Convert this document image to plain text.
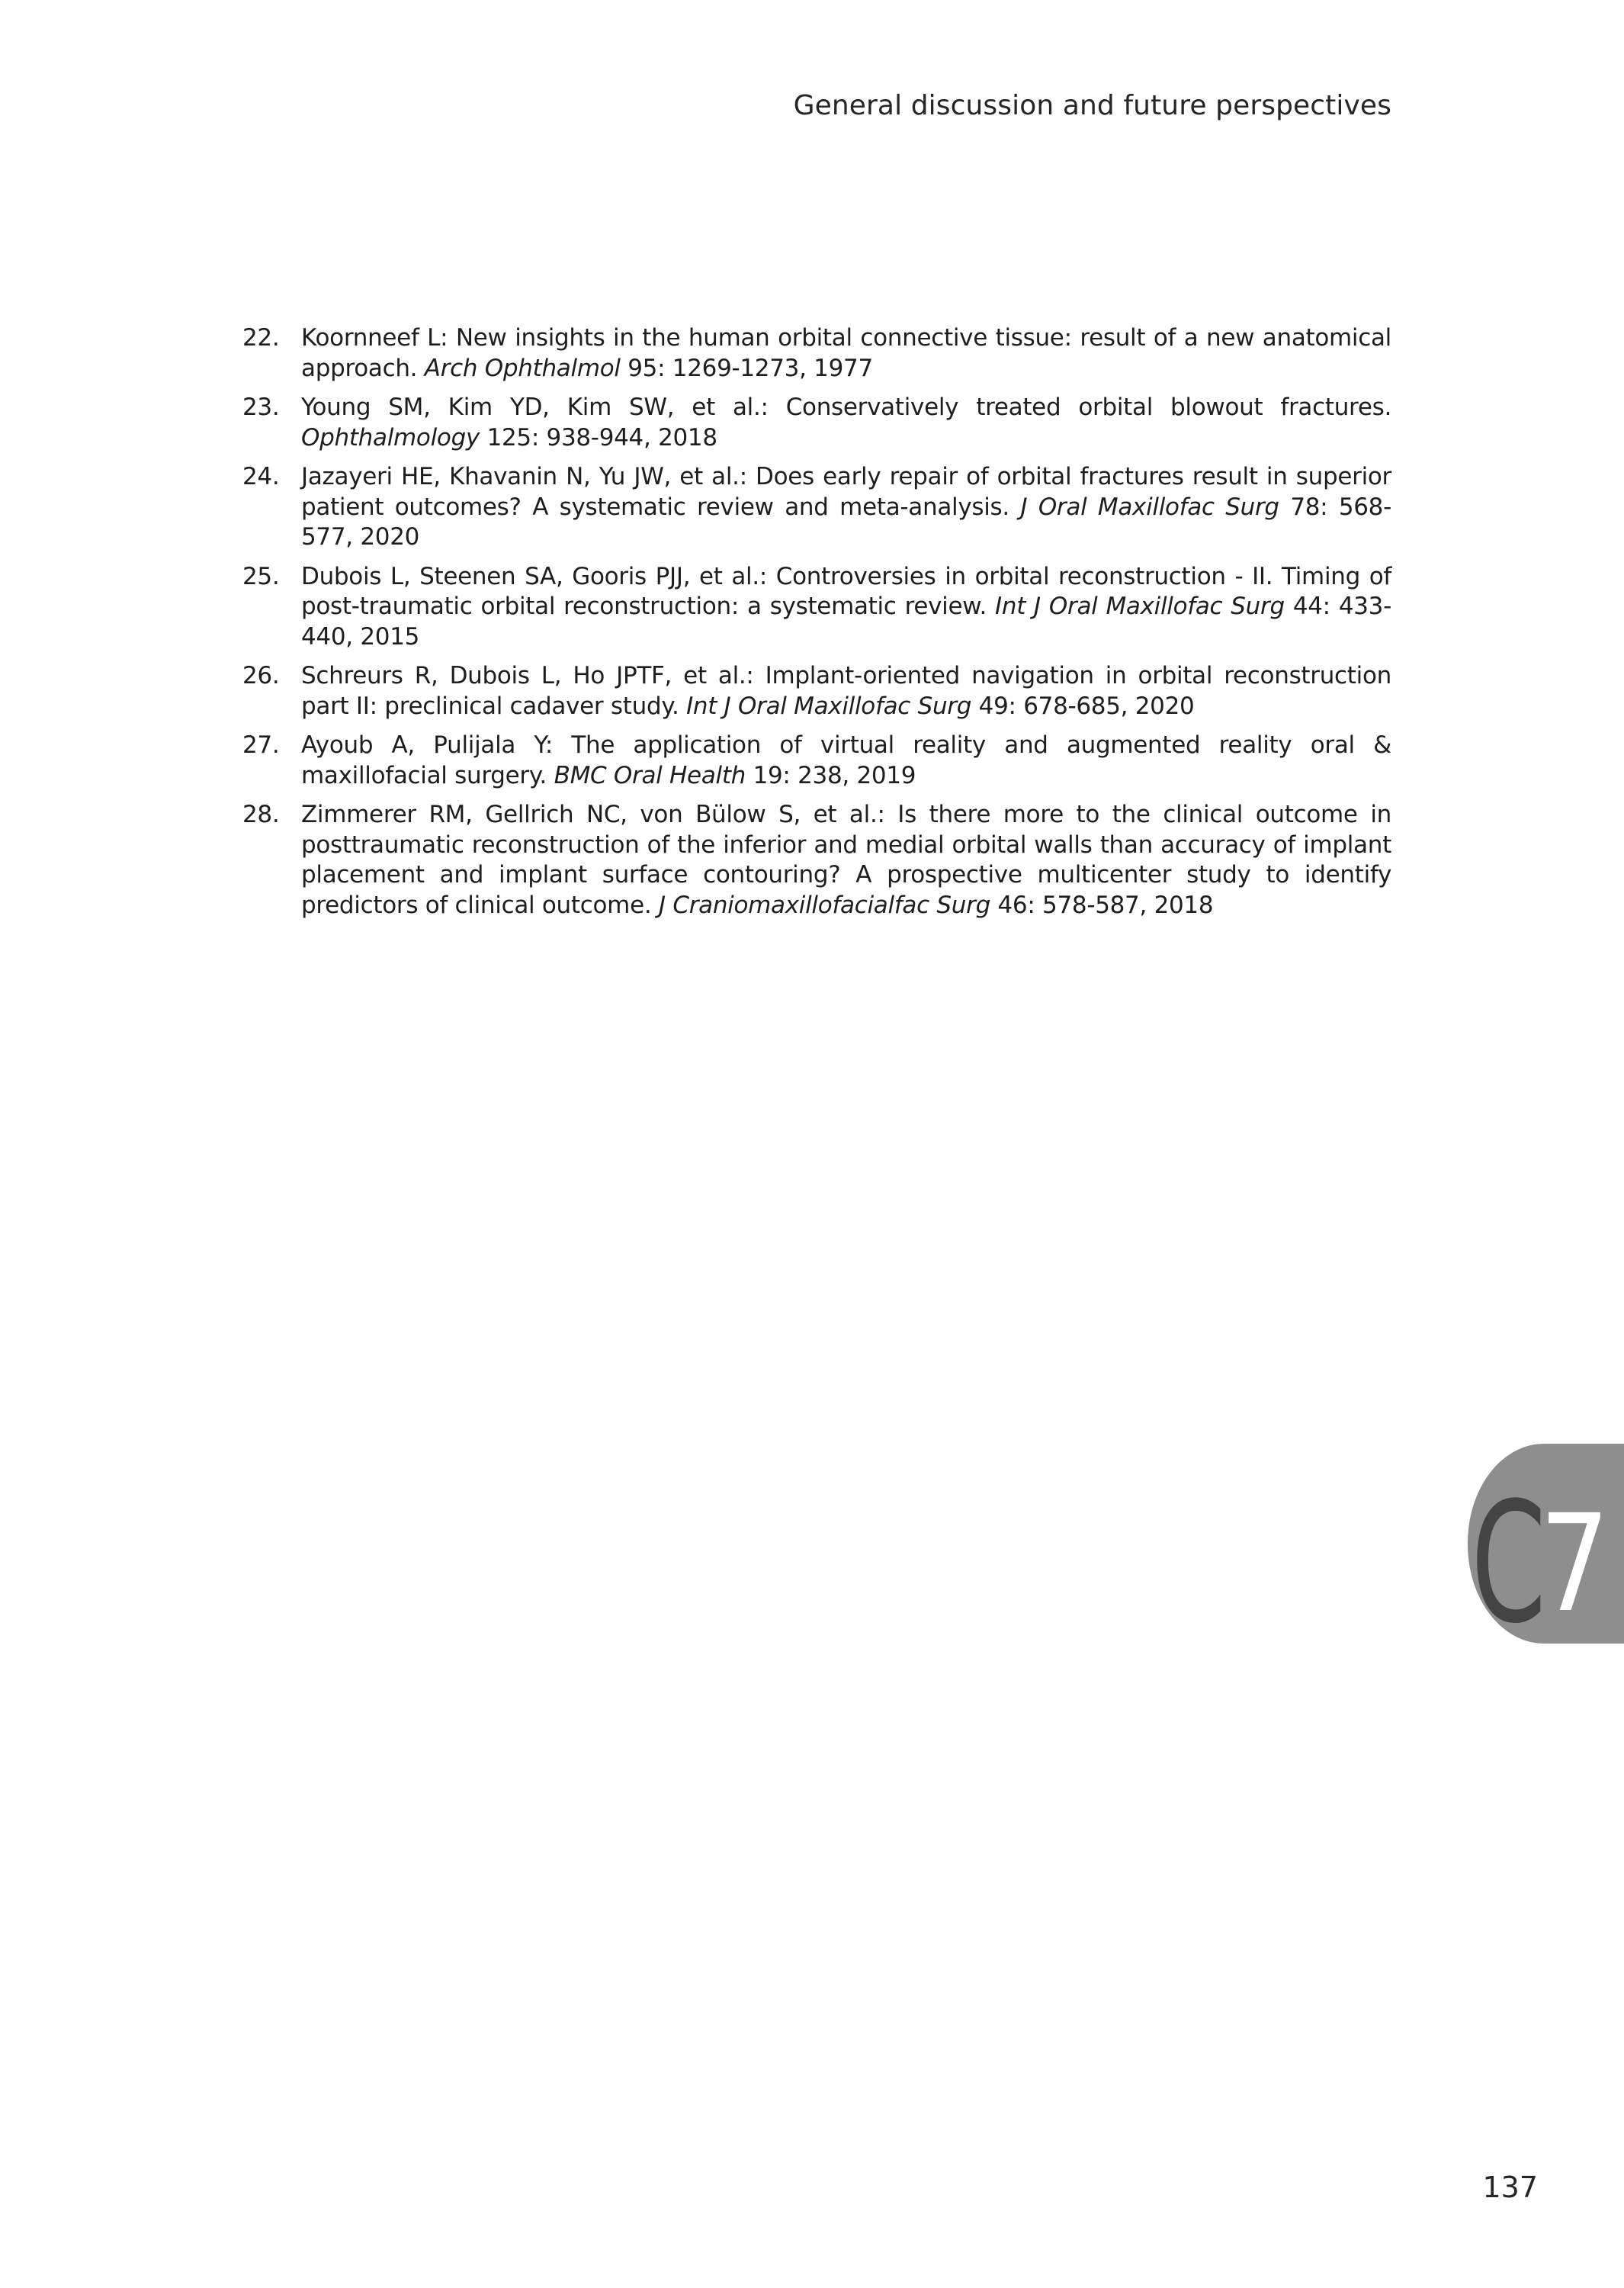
General discussion and future perspectives
22. Koornneef L: New insights in the human orbital connective tissue: result of a new anatomical approach. Arch Ophthalmol 95: 1269-1273, 1977
23. Young SM, Kim YD, Kim SW, et al.: Conservatively treated orbital blowout fractures. Ophthalmology 125: 938-944, 2018
24. Jazayeri HE, Khavanin N, Yu JW, et al.: Does early repair of orbital fractures result in superior patient outcomes? A systematic review and meta-analysis. J Oral Maxillofac Surg 78: 568-​577, 2020
25. Dubois L, Steenen SA, Gooris PJJ, et al.: Controversies in orbital reconstruction - II. Timing of post-traumatic orbital reconstruction: a systematic review. Int J Oral Maxillofac Surg 44: 433-​440, 2015
26. Schreurs R, Dubois L, Ho JPTF, et al.: Implant-oriented navigation in orbital reconstruction part II: preclinical cadaver study. Int J Oral Maxillofac Surg 49: 678-685, 2020
27. Ayoub A, Pulijala Y: The application of virtual reality and augmented reality oral & maxillofacial surgery. BMC Oral Health 19: 238, 2019
28. Zimmerer RM, Gellrich NC, von Bülow S, et al.: Is there more to the clinical outcome in posttraumatic reconstruction of the inferior and medial orbital walls than accuracy of implant placement and implant surface contouring? A prospective multicenter study to identify predictors of clinical outcome. J Craniomaxillofacialfac Surg 46: 578-587, 2018
C
7

137
